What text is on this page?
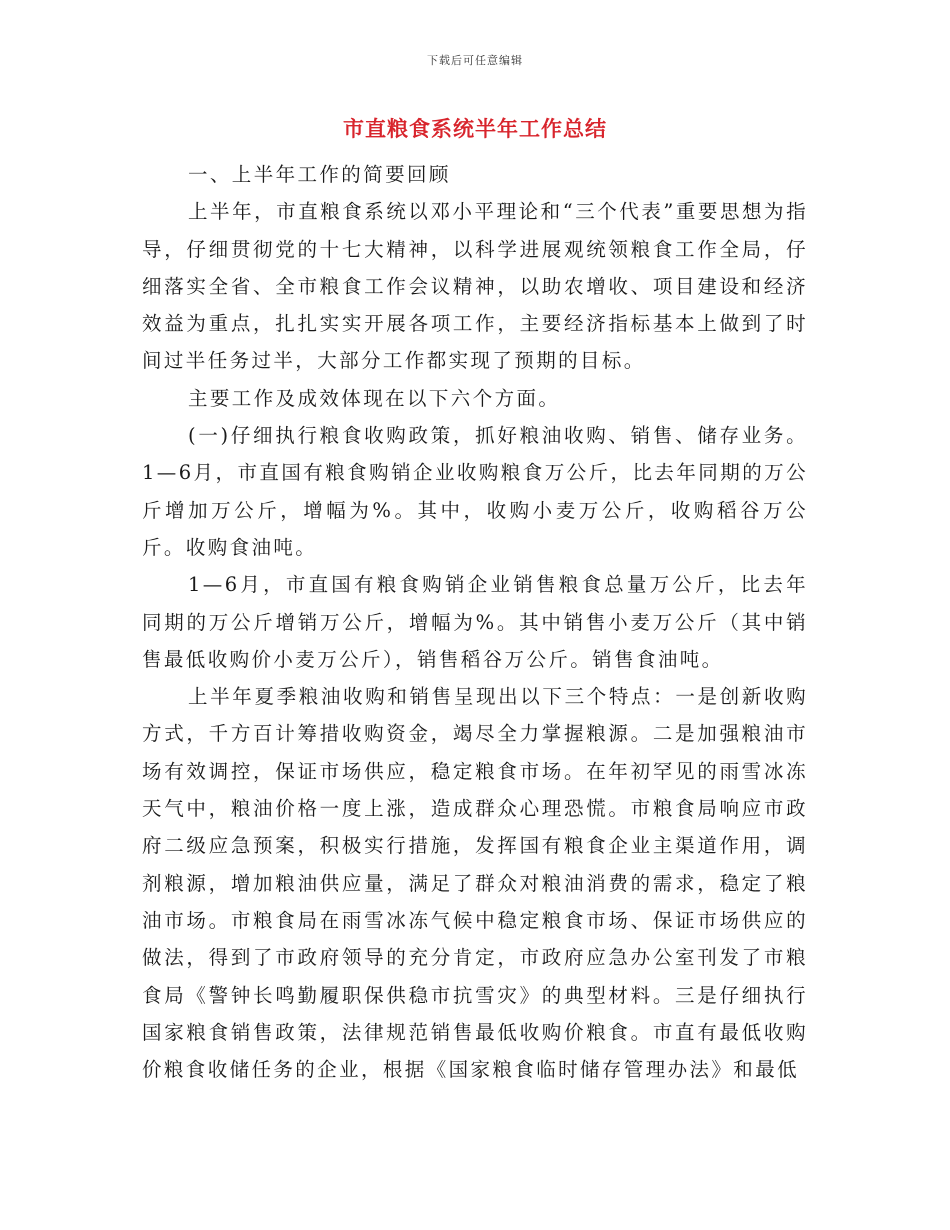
下载后可任意编辑
市直粮食系统半年工作总结

一、上半年工作的简要回顾

上半年，市直粮食系统以邓小平理论和“三个代表”重要思想为指导，仔细贯彻党的十七大精神，以科学进展观统领粮食工作全局，仔细落实全省、全市粮食工作会议精神，以助农增收、项目建设和经济效益为重点，扎扎实实开展各项工作，主要经济指标基本上做到了时间过半任务过半，大部分工作都实现了预期的目标。

主要工作及成效体现在以下六个方面。

(一)仔细执行粮食收购政策，抓好粮油收购、销售、储存业务。1—6月，市直国有粮食购销企业收购粮食万公斤，比去年同期的万公斤增加万公斤，增幅为%。其中，收购小麦万公斤，收购稻谷万公斤。收购食油吨。

1—6月，市直国有粮食购销企业销售粮食总量万公斤，比去年同期的万公斤增销万公斤，增幅为%。其中销售小麦万公斤（其中销售最低收购价小麦万公斤），销售稻谷万公斤。销售食油吨。

上半年夏季粮油收购和销售呈现出以下三个特点：一是创新收购方式，千方百计筹措收购资金，竭尽全力掌握粮源。二是加强粮油市场有效调控，保证市场供应，稳定粮食市场。在年初罕见的雨雪冰冻天气中，粮油价格一度上涨，造成群众心理恐慌。市粮食局响应市政府二级应急预案，积极实行措施，发挥国有粮食企业主渠道作用，调剂粮源，增加粮油供应量，满足了群众对粮油消费的需求，稳定了粮油市场。市粮食局在雨雪冰冻气候中稳定粮食市场、保证市场供应的做法，得到了市政府领导的充分肯定，市政府应急办公室刊发了市粮食局《警钟长鸣勤履职保供稳市抗雪灾》的典型材料。三是仔细执行国家粮食销售政策，法律规范销售最低收购价粮食。市直有最低收购价粮食收储任务的企业，根据《国家粮食临时储存管理办法》和最低
